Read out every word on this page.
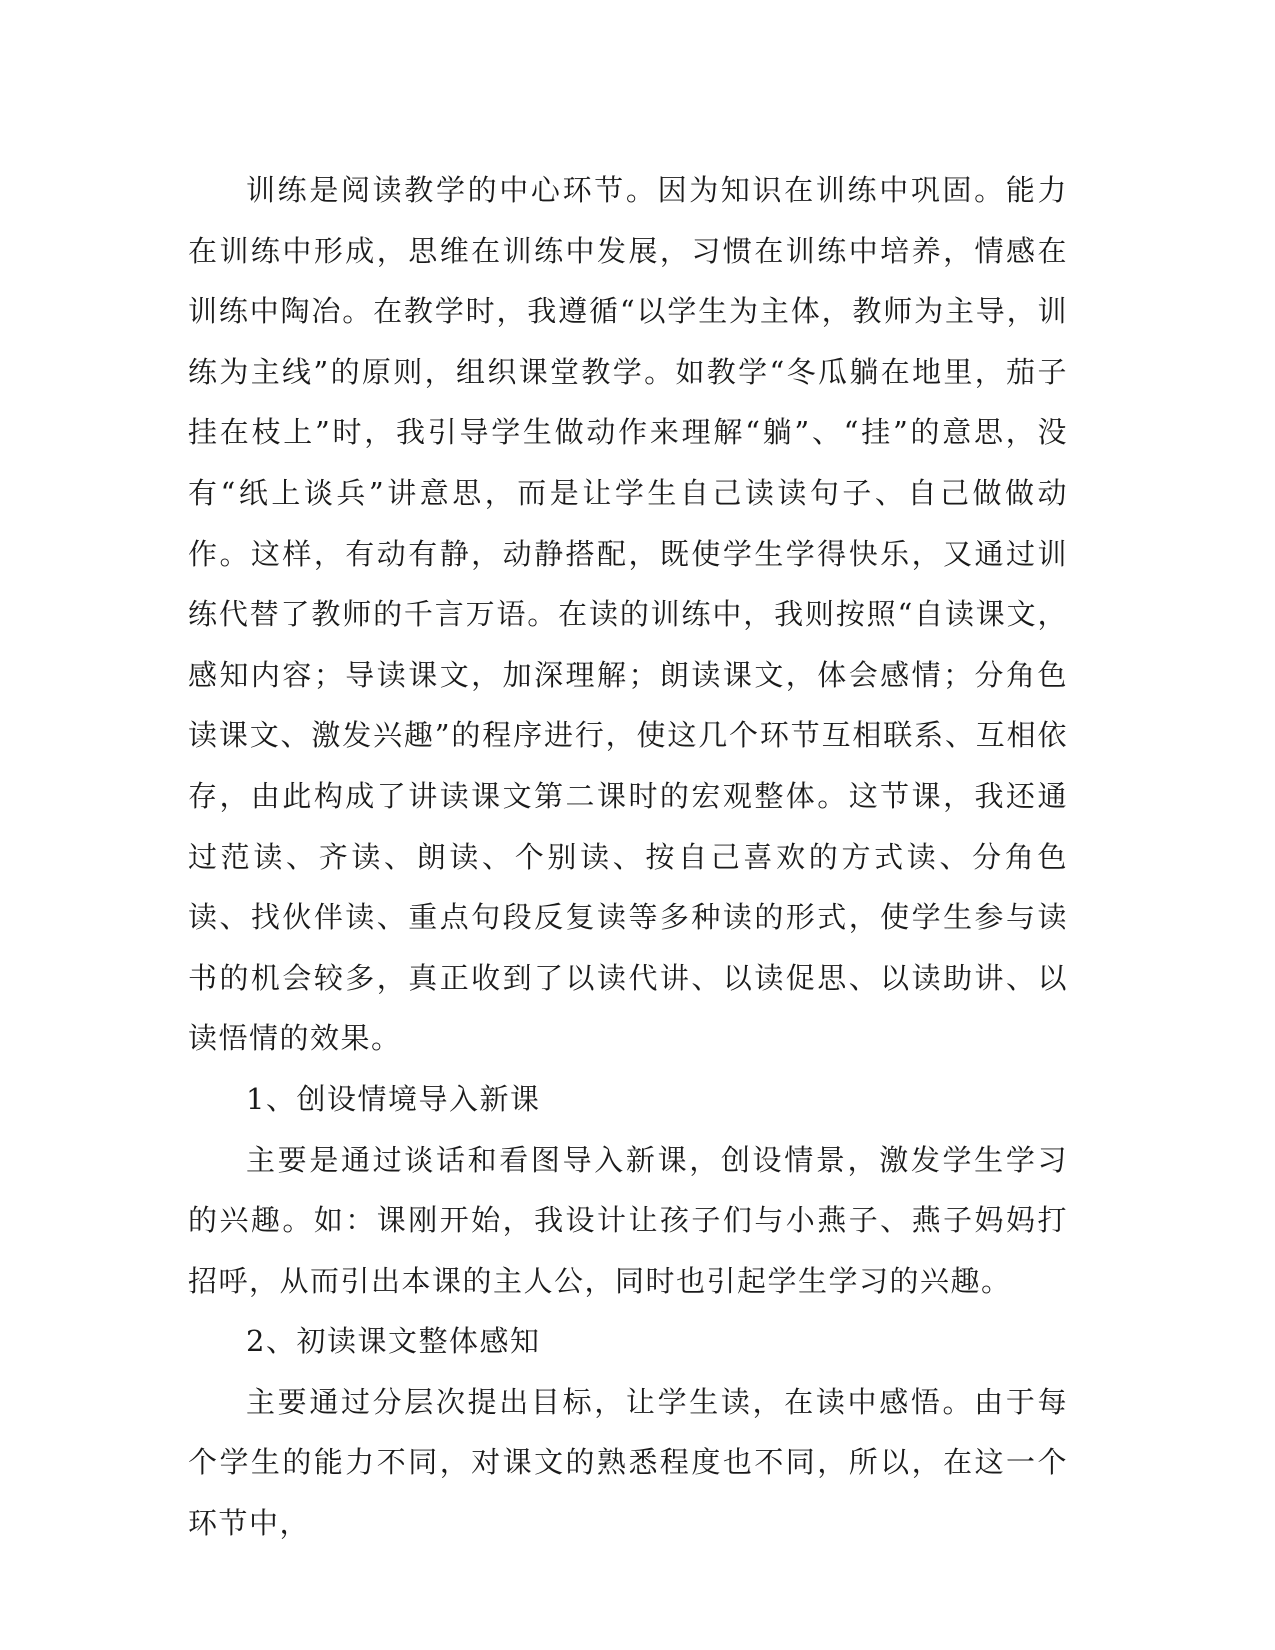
训练是阅读教学的中心环节。因为知识在训练中巩固。能力在训练中形成，思维在训练中发展，习惯在训练中培养，情感在训练中陶冶。在教学时，我遵循“以学生为主体，教师为主导，训练为主线”的原则，组织课堂教学。如教学“冬瓜躺在地里，茄子挂在枝上”时，我引导学生做动作来理解“躺”、“挂”的意思，没有“纸上谈兵”讲意思，而是让学生自己读读句子、自己做做动作。这样，有动有静，动静搭配，既使学生学得快乐，又通过训练代替了教师的千言万语。在读的训练中，我则按照“自读课文，感知内容；导读课文，加深理解；朗读课文，体会感情；分角色读课文、激发兴趣”的程序进行，使这几个环节互相联系、互相依存，由此构成了讲读课文第二课时的宏观整体。这节课，我还通过范读、齐读、朗读、个别读、按自己喜欢的方式读、分角色读、找伙伴读、重点句段反复读等多种读的形式，使学生参与读书的机会较多，真正收到了以读代讲、以读促思、以读助讲、以读悟情的效果。

1、创设情境导入新课

主要是通过谈话和看图导入新课，创设情景，激发学生学习的兴趣。如：课刚开始，我设计让孩子们与小燕子、燕子妈妈打招呼，从而引出本课的主人公，同时也引起学生学习的兴趣。

2、初读课文整体感知

主要通过分层次提出目标，让学生读，在读中感悟。由于每个学生的能力不同，对课文的熟悉程度也不同，所以，在这一个环节中，
